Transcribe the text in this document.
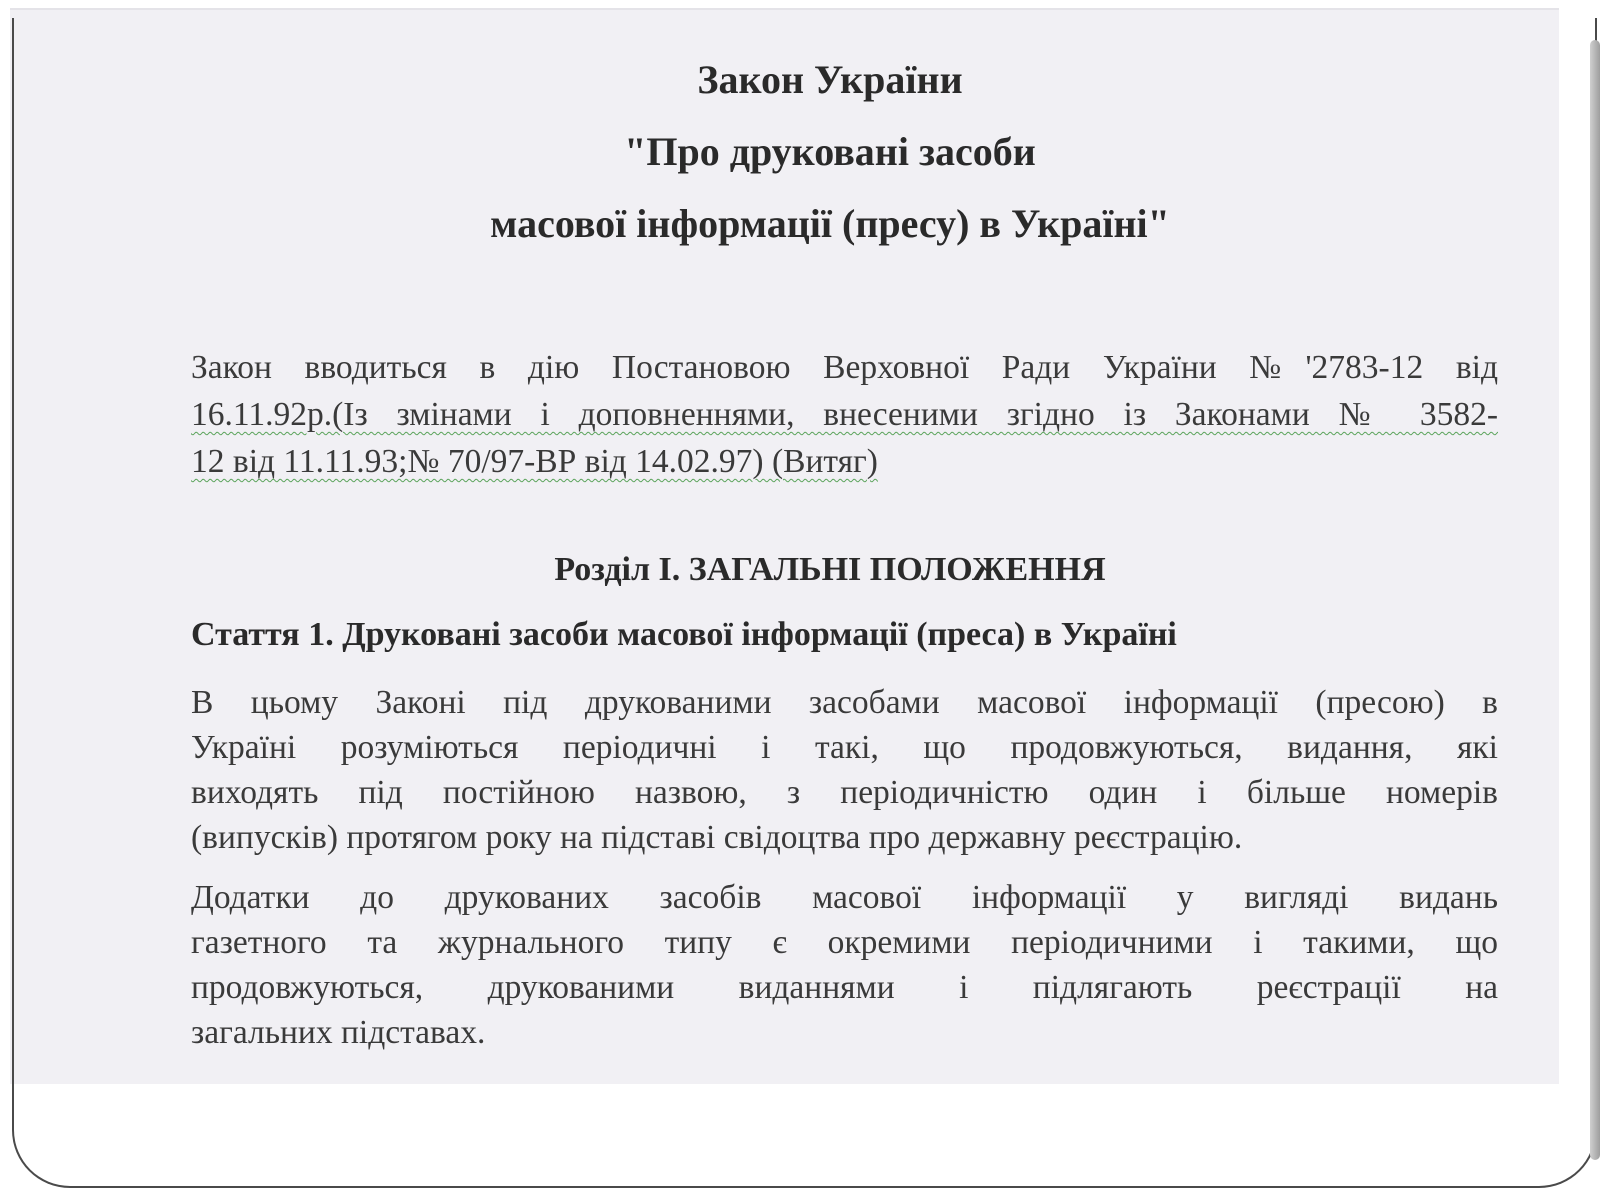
Закон України
"Про друковані засоби
масової інформації (пресу) в Україні"

Закон вводиться в дію Постановою Верховної Ради України №'2783-12 від
16.11.92р.(Із змінами і доповненнями, внесеними згідно із Законами № 3582-
12 від 11.11.93;№ 70/97-ВР від 14.02.97) (Витяг)

Розділ І. ЗАГАЛЬНІ ПОЛОЖЕННЯ
Стаття 1. Друковані засоби масової інформації (преса) в Україні

В цьому Законі під друкованими засобами масової інформації (пресою) в
Україні розуміються періодичні і такі, що продовжуються, видання, які
виходять під постійною назвою, з періодичністю один і більше номерів
(випусків) протягом року на підставі свідоцтва про державну реєстрацію.

Додатки до друкованих засобів масової інформації у вигляді видань
газетного та журнального типу є окремими періодичними і такими, що
продовжуються, друкованими виданнями і підлягають реєстрації на
загальних підставах.
